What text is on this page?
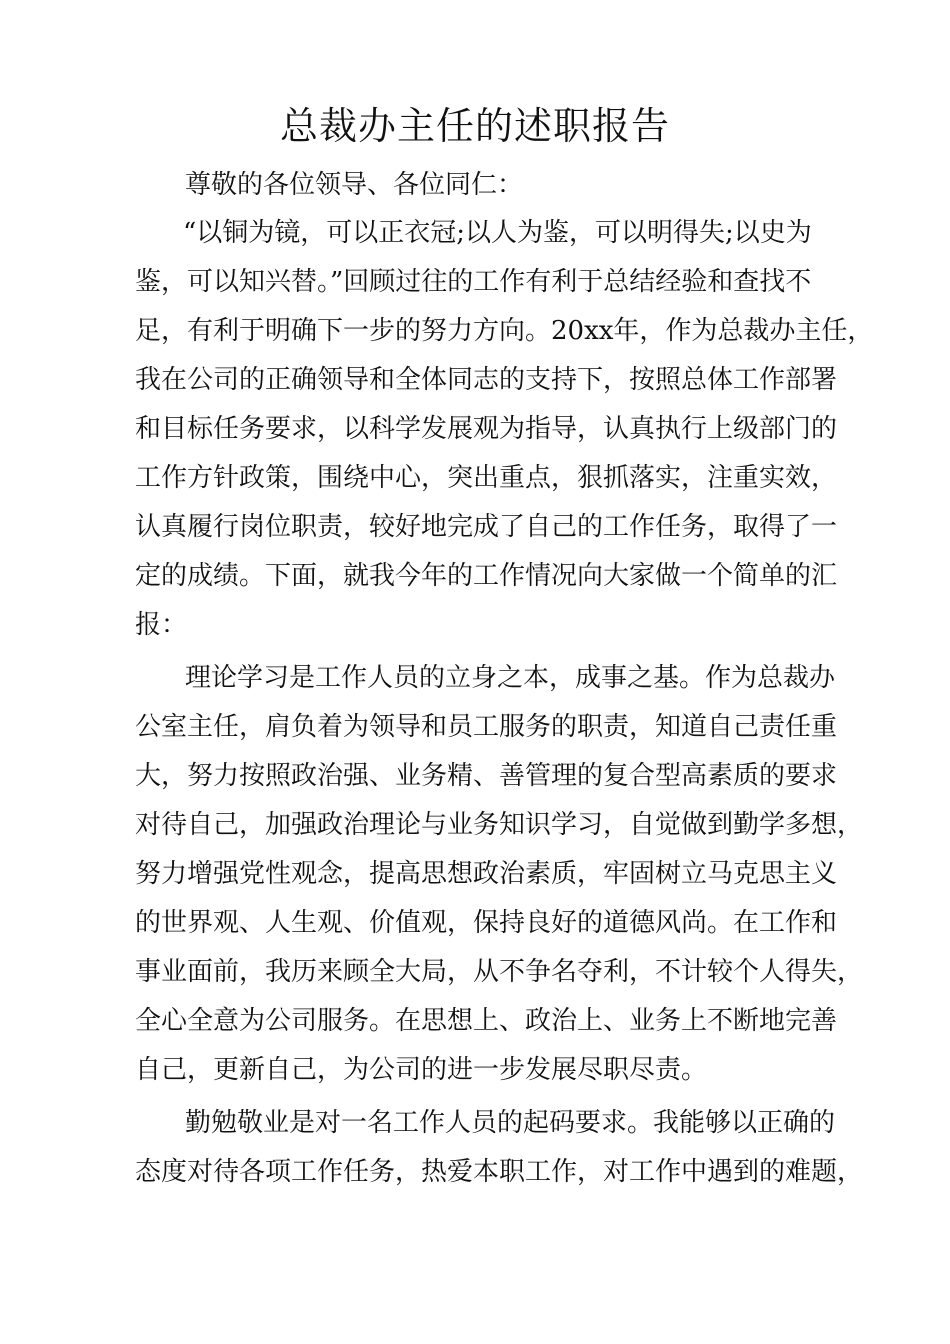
总裁办主任的述职报告
尊敬的各位领导、各位同仁：
“以铜为镜，可以正衣冠;以人为鉴，可以明得失;以史为
鉴，可以知兴替。”回顾过往的工作有利于总结经验和查找不
足，有利于明确下一步的努力方向。20xx年，作为总裁办主任，
我在公司的正确领导和全体同志的支持下，按照总体工作部署
和目标任务要求，以科学发展观为指导，认真执行上级部门的
工作方针政策，围绕中心，突出重点，狠抓落实，注重实效，
认真履行岗位职责，较好地完成了自己的工作任务，取得了一
定的成绩。下面，就我今年的工作情况向大家做一个简单的汇
报：
理论学习是工作人员的立身之本，成事之基。作为总裁办
公室主任，肩负着为领导和员工服务的职责，知道自己责任重
大，努力按照政治强、业务精、善管理的复合型高素质的要求
对待自己，加强政治理论与业务知识学习，自觉做到勤学多想，
努力增强党性观念，提高思想政治素质，牢固树立马克思主义
的世界观、人生观、价值观，保持良好的道德风尚。在工作和
事业面前，我历来顾全大局，从不争名夺利，不计较个人得失，
全心全意为公司服务。在思想上、政治上、业务上不断地完善
自己，更新自己，为公司的进一步发展尽职尽责。
勤勉敬业是对一名工作人员的起码要求。我能够以正确的
态度对待各项工作任务，热爱本职工作，对工作中遇到的难题，
